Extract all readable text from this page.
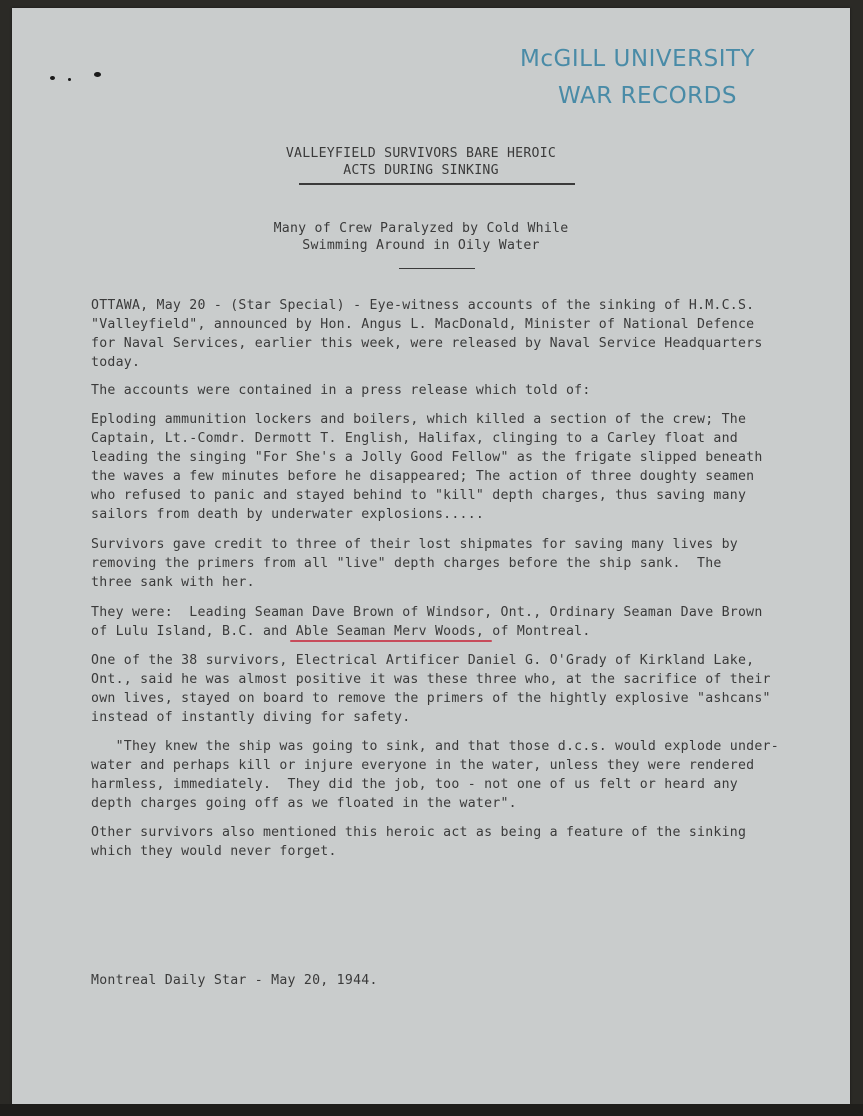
McGILL UNIVERSITY
WAR RECORDS
VALLEYFIELD SURVIVORS BARE HEROIC
ACTS DURING SINKING
Many of Crew Paralyzed by Cold While
Swimming Around in Oily Water
OTTAWA, May 20 - (Star Special) - Eye-witness accounts of the sinking of H.M.C.S.
"Valleyfield", announced by Hon. Angus L. MacDonald, Minister of National Defence
for Naval Services, earlier this week, were released by Naval Service Headquarters
today.
The accounts were contained in a press release which told of:
Eploding ammunition lockers and boilers, which killed a section of the crew; The
Captain, Lt.-Comdr. Dermott T. English, Halifax, clinging to a Carley float and
leading the singing "For She's a Jolly Good Fellow" as the frigate slipped beneath
the waves a few minutes before he disappeared; The action of three doughty seamen
who refused to panic and stayed behind to "kill" depth charges, thus saving many
sailors from death by underwater explosions.....
Survivors gave credit to three of their lost shipmates for saving many lives by
removing the primers from all "live" depth charges before the ship sank.  The
three sank with her.
They were:  Leading Seaman Dave Brown of Windsor, Ont., Ordinary Seaman Dave Brown
of Lulu Island, B.C. and Able Seaman Merv Woods, of Montreal.
One of the 38 survivors, Electrical Artificer Daniel G. O'Grady of Kirkland Lake,
Ont., said he was almost positive it was these three who, at the sacrifice of their
own lives, stayed on board to remove the primers of the hightly explosive "ashcans"
instead of instantly diving for safety.
"They knew the ship was going to sink, and that those d.c.s. would explode under-
water and perhaps kill or injure everyone in the water, unless they were rendered
harmless, immediately.  They did the job, too - not one of us felt or heard any
depth charges going off as we floated in the water".
Other survivors also mentioned this heroic act as being a feature of the sinking
which they would never forget.
Montreal Daily Star - May 20, 1944.
